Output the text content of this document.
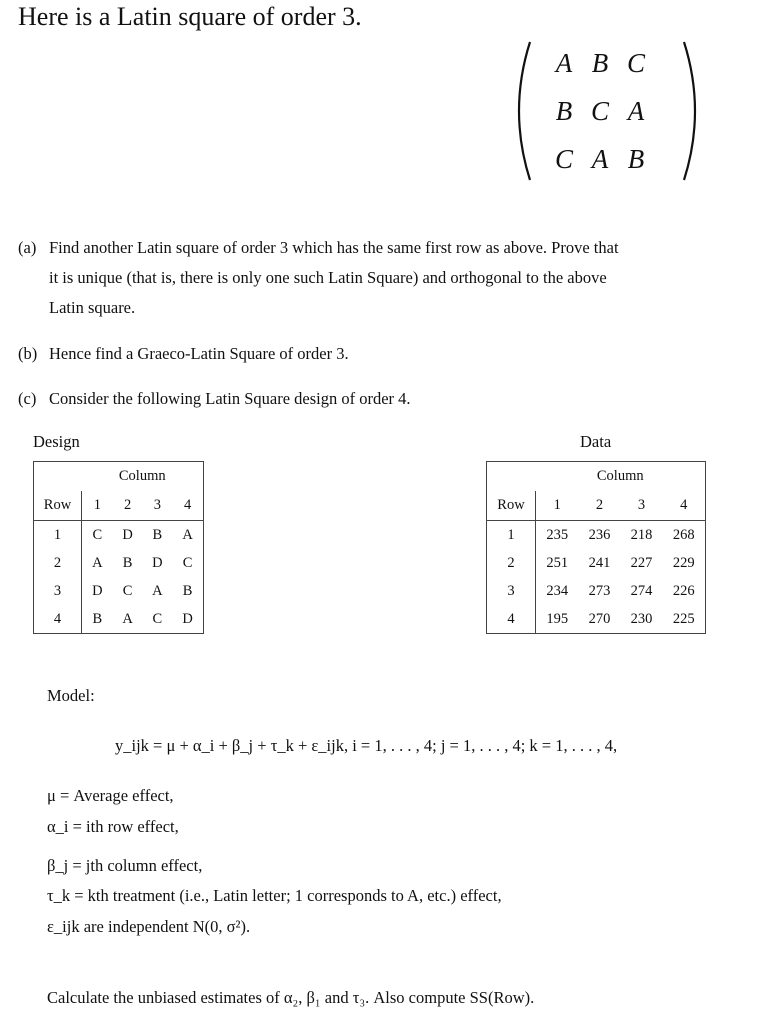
Here is a Latin square of order 3.
A B C
B C A
C A B
(a) Find another Latin square of order 3 which has the same first row as above. Prove that
it is unique (that is, there is only one such Latin Square) and orthogonal to the above
Latin square.
(b) Hence find a Graeco-Latin Square of order 3.
(c) Consider the following Latin Square design of order 4.
Design
	Column			
Row	1	2	3	4
1	C	D	B	A
2	A	B	D	C
3	D	C	A	B
4	B	A	C	D
Data
	Column			
Row	1	2	3	4
1	235	236	218	268
2	251	241	227	229
3	234	273	274	226
4	195	270	230	225
Model:
y_ijk = μ + α_i + β_j + τ_k + ε_ijk, i = 1, . . . , 4; j = 1, . . . , 4; k = 1, . . . , 4,
μ = Average effect,
α_i = ith row effect,
β_j = jth column effect,
τ_k = kth treatment (i.e., Latin letter; 1 corresponds to A, etc.) effect,
ε_ijk are independent N(0, σ²).
Calculate the unbiased estimates of α₂, β₁ and τ₃. Also compute SS(Row).
